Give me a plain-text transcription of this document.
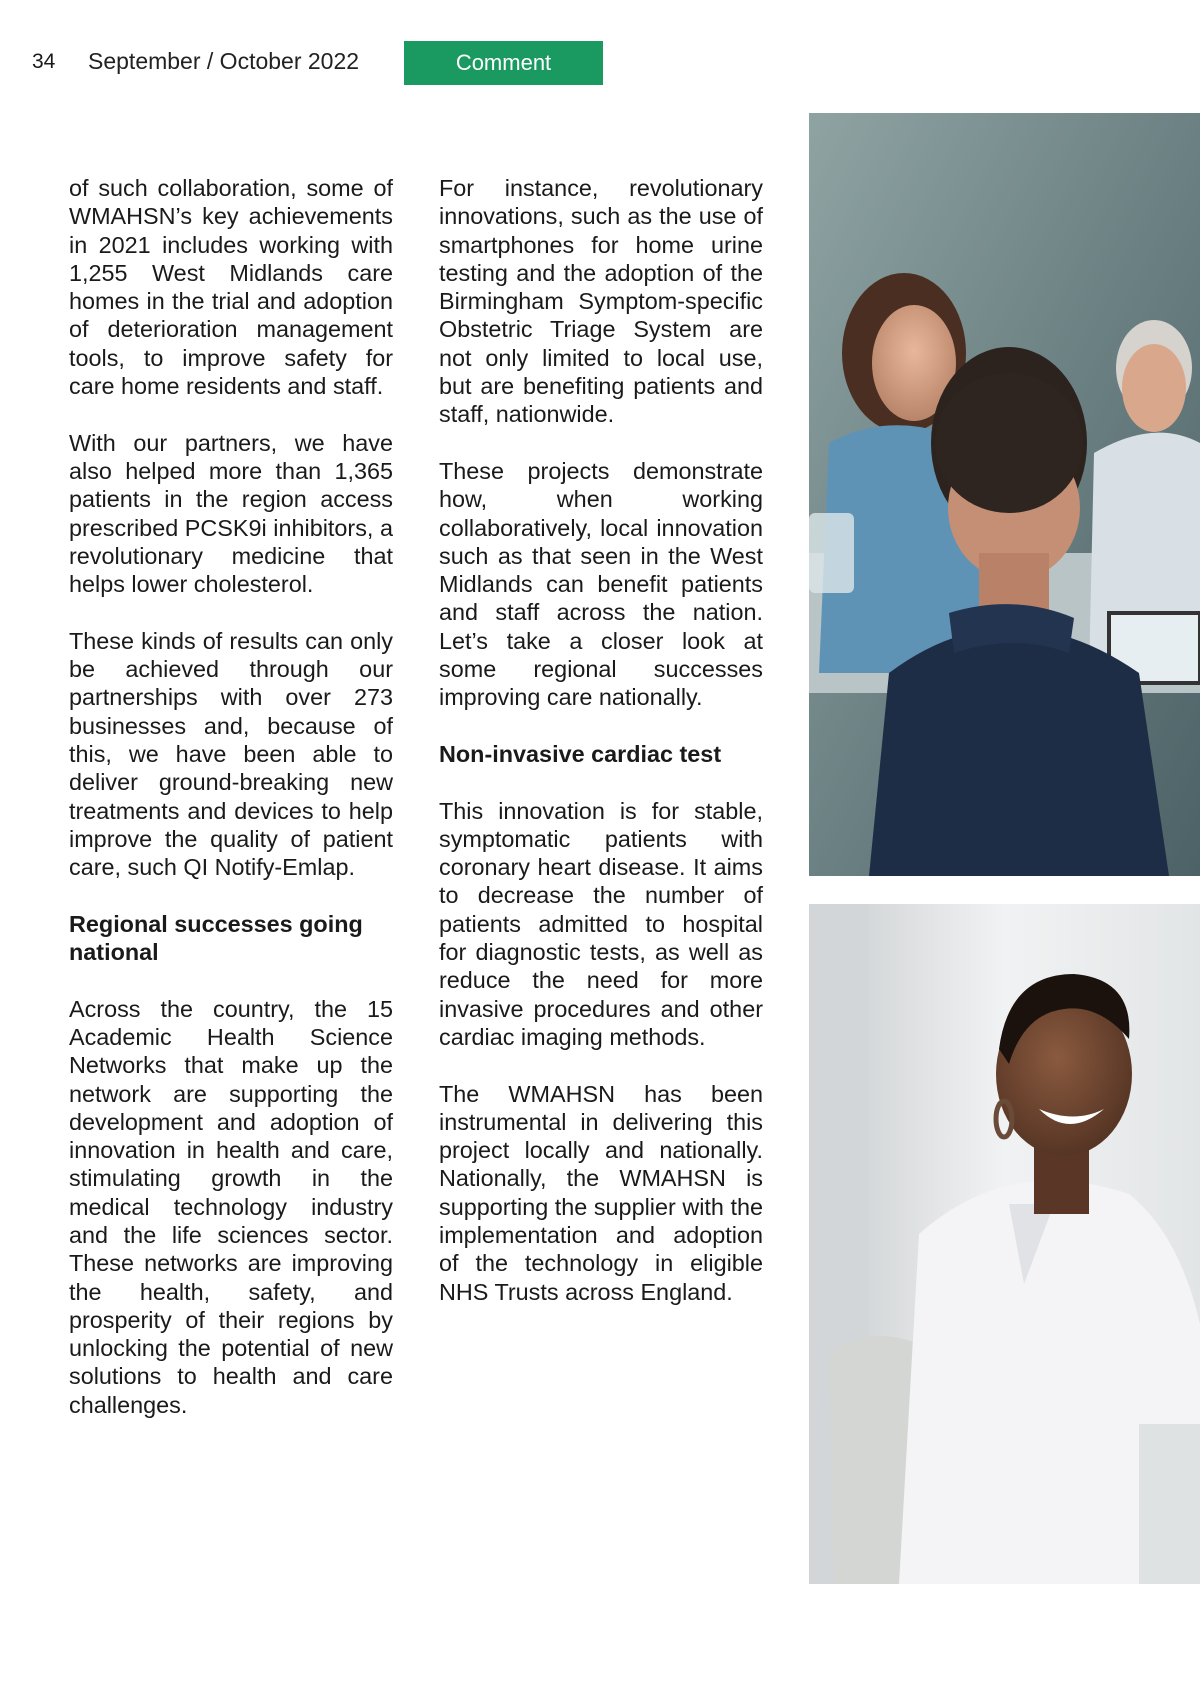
34 September / October 2022	Comment

of such collaboration, some of WMAHSN’s key achievements in 2021 includes working with 1,255 West Midlands care homes in the trial and adoption of deterioration management tools, to improve safety for care home residents and staff.

With our partners, we have also helped more than 1,365 patients in the region access prescribed PCSK9i inhibitors, a revolutionary medicine that helps lower cholesterol.

These kinds of results can only be achieved through our partnerships with over 273 businesses and, because of this, we have been able to deliver ground-breaking new treatments and devices to help improve the quality of patient care, such QI Notify-Emlap.

Regional successes going national

Across the country, the 15 Academic Health Science Networks that make up the network are supporting the development and adoption of innovation in health and care, stimulating growth in the medical technology industry and the life sciences sector. These networks are improving the health, safety, and prosperity of their regions by unlocking the potential of new solutions to health and care challenges.

For instance, revolutionary innovations, such as the use of smartphones for home urine testing and the adoption of the Birmingham Symptom-specific Obstetric Triage System are not only limited to local use, but are benefiting patients and staff, nationwide.

These projects demonstrate how, when working collaboratively, local innovation such as that seen in the West Midlands can benefit patients and staff across the nation. Let’s take a closer look at some regional successes improving care nationally.

Non-invasive cardiac test

This innovation is for stable, symptomatic patients with coronary heart disease. It aims to decrease the number of patients admitted to hospital for diagnostic tests, as well as reduce the need for more invasive procedures and other cardiac imaging methods.

The WMAHSN has been instrumental in delivering this project locally and nationally. Nationally, the WMAHSN is supporting the supplier with the implementation and adoption of the technology in eligible NHS Trusts across England.
